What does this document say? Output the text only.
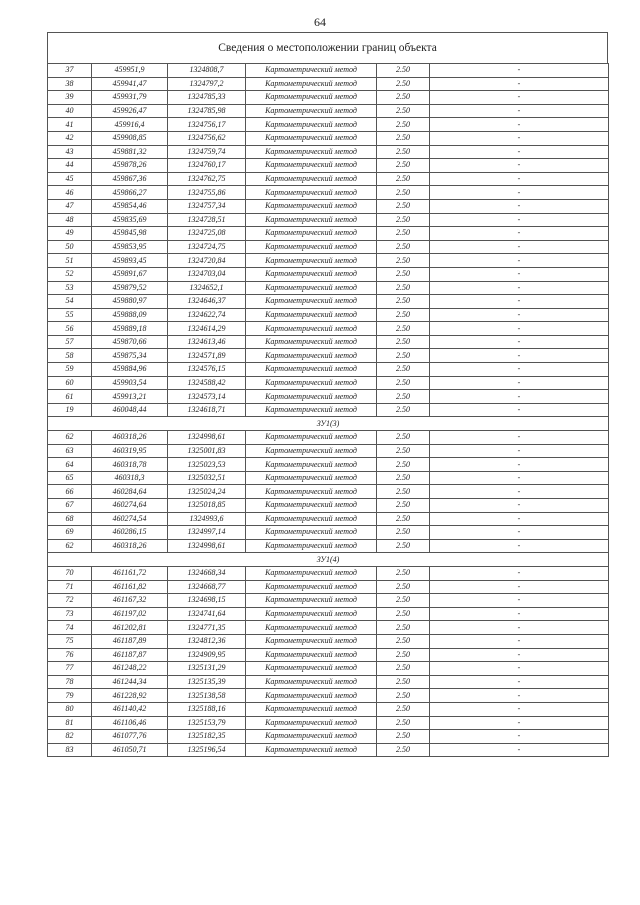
64
Сведения о местоположении границ объекта
37	459951,9	1324808,7	Картометрический метод	2.50	-
38	459941,47	1324797,2	Картометрический метод	2.50	-
39	459931,79	1324785,33	Картометрический метод	2.50	-
40	459926,47	1324785,98	Картометрический метод	2.50	-
41	459916,4	1324756,17	Картометрический метод	2.50	-
42	459908,85	1324756,62	Картометрический метод	2.50	-
43	459881,32	1324759,74	Картометрический метод	2.50	-
44	459878,26	1324760,17	Картометрический метод	2.50	-
45	459867,36	1324762,75	Картометрический метод	2.50	-
46	459866,27	1324755,86	Картометрический метод	2.50	-
47	459854,46	1324757,34	Картометрический метод	2.50	-
48	459835,69	1324728,51	Картометрический метод	2.50	-
49	459845,98	1324725,08	Картометрический метод	2.50	-
50	459853,95	1324724,75	Картометрический метод	2.50	-
51	459893,45	1324720,84	Картометрический метод	2.50	-
52	459891,67	1324703,04	Картометрический метод	2.50	-
53	459879,52	1324652,1	Картометрический метод	2.50	-
54	459880,97	1324646,37	Картометрический метод	2.50	-
55	459888,09	1324622,74	Картометрический метод	2.50	-
56	459889,18	1324614,29	Картометрический метод	2.50	-
57	459870,66	1324613,46	Картометрический метод	2.50	-
58	459875,34	1324571,89	Картометрический метод	2.50	-
59	459884,96	1324576,15	Картометрический метод	2.50	-
60	459903,54	1324588,42	Картометрический метод	2.50	-
61	459913,21	1324573,14	Картометрический метод	2.50	-
19	460048,44	1324618,71	Картометрический метод	2.50	-
ЗУ1(3)					
62	460318,26	1324998,61	Картометрический метод	2.50	-
63	460319,95	1325001,83	Картометрический метод	2.50	-
64	460318,78	1325023,53	Картометрический метод	2.50	-
65	460318,3	1325032,51	Картометрический метод	2.50	-
66	460284,64	1325024,24	Картометрический метод	2.50	-
67	460274,64	1325018,85	Картометрический метод	2.50	-
68	460274,54	1324993,6	Картометрический метод	2.50	-
69	460286,15	1324997,14	Картометрический метод	2.50	-
62	460318,26	1324998,61	Картометрический метод	2.50	-
ЗУ1(4)					
70	461161,72	1324668,34	Картометрический метод	2.50	-
71	461161,82	1324668,77	Картометрический метод	2.50	-
72	461167,32	1324698,15	Картометрический метод	2.50	-
73	461197,02	1324741,64	Картометрический метод	2.50	-
74	461202,81	1324771,35	Картометрический метод	2.50	-
75	461187,89	1324812,36	Картометрический метод	2.50	-
76	461187,87	1324909,95	Картометрический метод	2.50	-
77	461248,22	1325131,29	Картометрический метод	2.50	-
78	461244,34	1325135,39	Картометрический метод	2.50	-
79	461228,92	1325138,58	Картометрический метод	2.50	-
80	461140,42	1325188,16	Картометрический метод	2.50	-
81	461106,46	1325153,79	Картометрический метод	2.50	-
82	461077,76	1325182,35	Картометрический метод	2.50	-
83	461050,71	1325196,54	Картометрический метод	2.50	-
